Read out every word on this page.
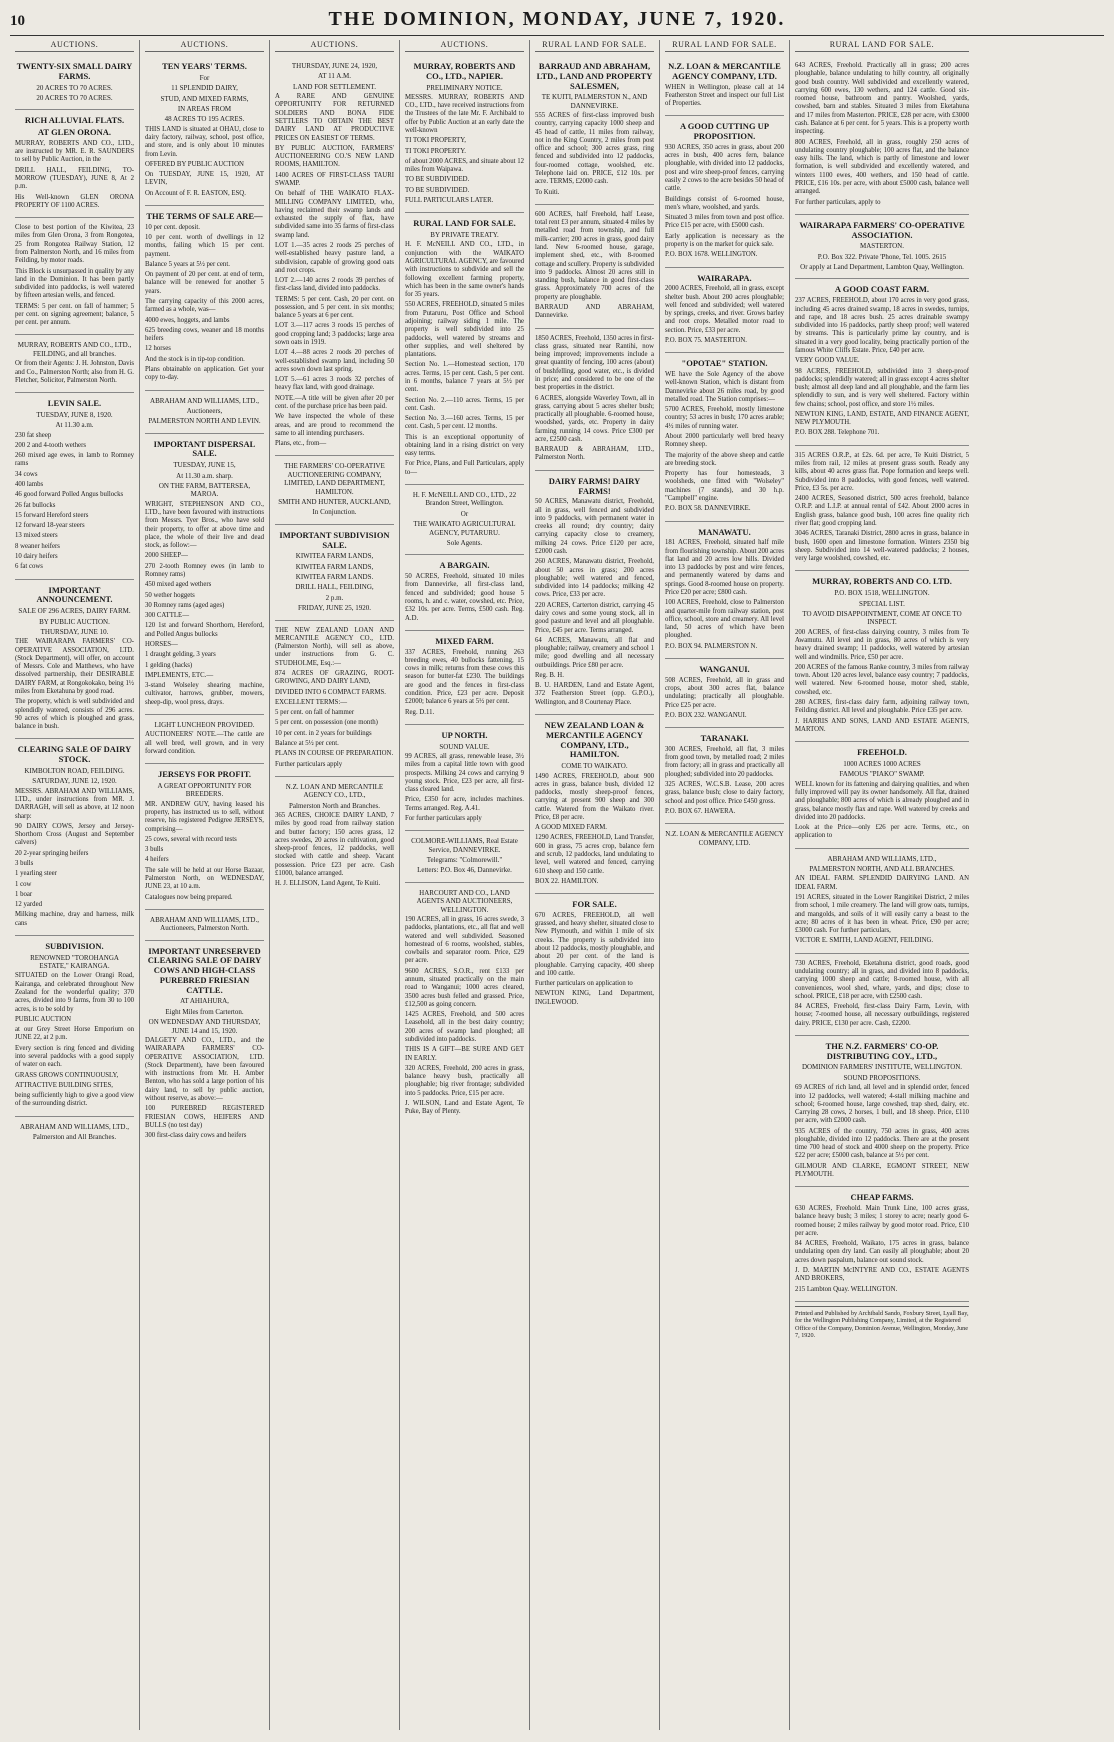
10	THE DOMINION, MONDAY, JUNE 7, 1920.
AUCTIONS.
TWENTY-SIX SMALL DAIRY FARMS.
20 ACRES TO 70 ACRES.
20 ACRES TO 70 ACRES.
RICH ALLUVIAL FLATS.
AT GLEN ORONA.

MURRAY, ROBERTS AND CO., LTD., are instructed by MR. E. R. SAUNDERS to sell by Public Auction, in the

DRILL HALL, FEILDING, TO-MORROW (TUESDAY), JUNE 8, At 2 p.m.

His Well-known GLEN ORONA PROPERTY OF 1100 ACRES.

Close to best portion of the Kiwitea, 23 miles from Glen Orona, 3 from Rongotea, 25 from Rongotea Railway Station, 12 from Palmerston North, and 16 miles from Feilding, by motor roads.

This Block is unsurpassed in quality by any land in the Dominion. It has been partly subdivided into paddocks, is well watered by fifteen artesian wells, and fenced.

TERMS: 5 per cent. on fall of hammer; 5 per cent. on signing agreement; balance, 5 per cent. per annum.

MURRAY, ROBERTS AND CO., LTD., FEILDING, and all branches.

Or from their Agents: J. H. Johnston, Davis and Co., Palmerston North; also from H. G. Fletcher, Solicitor, Palmerston North.

LEVIN SALE.
TUESDAY, JUNE 8, 1920.
At 11.30 a.m.

230 fat sheep

200 2 and 4-tooth wethers

260 mixed age ewes, in lamb to Romney rams

34 cows

400 lambs

46 good forward Polled Angus bullocks

26 fat bullocks

15 forward Hereford steers

12 forward 18-year steers

13 mixed steers

8 weaner heifers

10 dairy heifers

6 fat cows

IMPORTANT ANNOUNCEMENT.
SALE OF 296 ACRES, DAIRY FARM.
BY PUBLIC AUCTION.
THURSDAY, JUNE 10.

THE WAIRARAPA FARMERS' CO-OPERATIVE ASSOCIATION, LTD. (Stock Department), will offer, on account of Messrs. Cole and Matthews, who have dissolved partnership, their DESIRABLE DAIRY FARM, at Rongokokako, being 1½ miles from Eketahuna by good road.

The property, which is well subdivided and splendidly watered, consists of 296 acres. 90 acres of which is ploughed and grass, balance in bush.

CLEARING SALE OF DAIRY STOCK.
KIMBOLTON ROAD, FEILDING.
SATURDAY, JUNE 12, 1920.

MESSRS. ABRAHAM AND WILLIAMS, LTD., under instructions from MR. J. DARRAGH, will sell as above, at 12 noon sharp:

90 DAIRY COWS, Jersey and Jersey-Shorthorn Cross (August and September calvers)

20 2-year springing heifers

3 bulls

1 yearling steer

1 cow

1 boar

12 yarded

Milking machine, dray and harness, milk cans

SUBDIVISION.
RENOWNED "TOROHANGA ESTATE," KAIRANGA.

SITUATED on the Lower Orangi Road, Kairanga, and celebrated throughout New Zealand for the wonderful quality; 370 acres, divided into 9 farms, from 30 to 100 acres, is to be sold by

PUBLIC AUCTION

at our Grey Street Horse Emporium on JUNE 22, at 2 p.m.

Every section is ring fenced and dividing into several paddocks with a good supply of water on each.

GRASS GROWS CONTINUOUSLY,

ATTRACTIVE BUILDING SITES,

being sufficiently high to give a good view of the surrounding district.

ABRAHAM AND WILLIAMS, LTD.,
Palmerston and All Branches.
AUCTIONS.
TEN YEARS' TERMS.
For
11 SPLENDID DAIRY,
STUD, AND MIXED FARMS,
IN AREAS FROM
48 ACRES TO 195 ACRES.

THIS LAND is situated at OHAU, close to dairy factory, railway, school, post office, and store, and is only about 10 minutes from Levin.

OFFERED BY PUBLIC AUCTION

On TUESDAY, JUNE 15, 1920, AT LEVIN,

On Account of F. R. EASTON, ESQ.

THE TERMS OF SALE ARE—

10 per cent. deposit.

10 per cent. worth of dwellings in 12 months, failing which 15 per cent. payment.

Balance 5 years at 5½ per cent.

On payment of 20 per cent. at end of term, balance will be renewed for another 5 years.

The carrying capacity of this 2000 acres, farmed as a whole, was—

4000 ewes, hoggets, and lambs

625 breeding cows, weaner and 18 months heifers

12 horses

And the stock is in tip-top condition.

Plans obtainable on application. Get your copy to-day.

ABRAHAM AND WILLIAMS, LTD.,
Auctioneers,
PALMERSTON NORTH AND LEVIN.
IMPORTANT DISPERSAL SALE.
TUESDAY, JUNE 15,
At 11.30 a.m. sharp.
ON THE FARM, BATTERSEA, MAROA.

WRIGHT, STEPHENSON AND CO., LTD., have been favoured with instructions from Messrs. Tyer Bros., who have sold their property, to offer at above time and place, the whole of their live and dead stock, as follow:—

2000 SHEEP—

270 2-tooth Romney ewes (in lamb to Romney rams)

450 mixed aged wethers

50 wether hoggets

30 Romney rams (aged ages)

300 CATTLE—

120 1st and forward Shorthorn, Hereford, and Polled Angus bullocks

HORSES—

1 draught gelding, 3 years

1 gelding (hacks)

IMPLEMENTS, ETC.—

3-stand Wolseley shearing machine, cultivator, harrows, grubber, mowers, sheep-dip, wool press, drays.

LIGHT LUNCHEON PROVIDED.

AUCTIONEERS' NOTE.—The cattle are all well bred, well grown, and in very forward condition.

JERSEYS FOR PROFIT.
A GREAT OPPORTUNITY FOR BREEDERS.

MR. ANDREW GUY, having leased his property, has instructed us to sell, without reserve, his registered Pedigree JERSEYS, comprising—

25 cows, several with record tests

3 bulls

4 heifers

The sale will be held at our Horse Bazaar, Palmerston North, on WEDNESDAY, JUNE 23, at 10 a.m.

Catalogues now being prepared.

ABRAHAM AND WILLIAMS, LTD., Auctioneers, Palmerston North.
IMPORTANT UNRESERVED CLEARING SALE OF DAIRY COWS AND HIGH-CLASS PUREBRED FRIESIAN CATTLE.
AT AHIAHURA,
Eight Miles from Carterton.
ON WEDNESDAY AND THURSDAY, JUNE 14 and 15, 1920.

DALGETY AND CO., LTD., and the WAIRARAPA FARMERS' CO-OPERATIVE ASSOCIATION, LTD. (Stock Department), have been favoured with instructions from Mr. H. Amber Benton, who has sold a large portion of his dairy land, to sell by public auction, without reserve, as above:—

100 PUREBRED REGISTERED FRIESIAN COWS, HEIFERS AND BULLS (no test day)

300 first-class dairy cows and heifers

AUCTIONS.
THURSDAY, JUNE 24, 1920,
AT 11 A.M.
LAND FOR SETTLEMENT.

A RARE AND GENUINE OPPORTUNITY FOR RETURNED SOLDIERS AND BONA FIDE SETTLERS TO OBTAIN THE BEST DAIRY LAND AT PRODUCTIVE PRICES ON EASIEST OF TERMS.

BY PUBLIC AUCTION, FARMERS' AUCTIONEERING CO.'S NEW LAND ROOMS, HAMILTON.

1400 ACRES OF FIRST-CLASS TAURI SWAMP.

On behalf of THE WAIKATO FLAX-MILLING COMPANY LIMITED, who, having reclaimed their swamp lands and exhausted the supply of flax, have subdivided same into 35 farms of first-class swamp land.

LOT 1.—35 acres 2 roods 25 perches of well-established heavy pasture land, a subdivision, capable of growing good oats and root crops.

LOT 2.—140 acres 2 roods 39 perches of first-class land, divided into paddocks.

TERMS: 5 per cent. Cash, 20 per cent. on possession, and 5 per cent. in six months; balance 5 years at 6 per cent.

LOT 3.—117 acres 3 roods 15 perches of good cropping land; 3 paddocks; large area sown oats in 1919.

LOT 4.—88 acres 2 roods 20 perches of well-established swamp land, including 50 acres sown down last spring.

LOT 5.—61 acres 3 roods 32 perches of heavy flax land, with good drainage.

NOTE.—A title will be given after 20 per cent. of the purchase price has been paid.

We have inspected the whole of these areas, and are proud to recommend the same to all intending purchasers.

Plans, etc., from—

THE FARMERS' CO-OPERATIVE AUCTIONEERING COMPANY, LIMITED, LAND DEPARTMENT, HAMILTON.
SMITH AND HUNTER, AUCKLAND,
In Conjunction.
IMPORTANT SUBDIVISION SALE.
KIWITEA FARM LANDS,
KIWITEA FARM LANDS,
KIWITEA FARM LANDS.
DRILL HALL, FEILDING,
2 p.m.
FRIDAY, JUNE 25, 1920.

THE NEW ZEALAND LOAN AND MERCANTILE AGENCY CO., LTD. (Palmerston North), will sell as above, under instructions from G. C. STUDHOLME, Esq.:—

874 ACRES OF GRAZING, ROOT-GROWING, AND DAIRY LAND,

DIVIDED INTO 6 COMPACT FARMS.

EXCELLENT TERMS:—

5 per cent. on fall of hammer

5 per cent. on possession (one month)

10 per cent. in 2 years for buildings

Balance at 5½ per cent.

PLANS IN COURSE OF PREPARATION.

Further particulars apply

N.Z. LOAN AND MERCANTILE AGENCY CO., LTD.,
Palmerston North and Branches.

365 ACRES, CHOICE DAIRY LAND, 7 miles by good road from railway station and butter factory; 150 acres grass, 12 acres swedes, 20 acres in cultivation, good sheep-proof fences, 12 paddocks, well stocked with cattle and sheep. Vacant possession. Price £23 per acre. Cash £1000, balance arranged.

H. J. ELLISON, Land Agent, Te Kuiti.

AUCTIONS.
MURRAY, ROBERTS AND CO., LTD., NAPIER.
PRELIMINARY NOTICE.

MESSRS. MURRAY, ROBERTS AND CO., LTD., have received instructions from the Trustees of the late Mr. F. Archibald to offer by Public Auction at an early date the well-known

TI TOKI PROPERTY,

TI TOKI PROPERTY.

of about 2000 ACRES, and situate about 12 miles from Waipawa.

TO BE SUBDIVIDED.

TO BE SUBDIVIDED.

FULL PARTICULARS LATER.

RURAL LAND FOR SALE.
BY PRIVATE TREATY.

H. F. McNEILL AND CO., LTD., in conjunction with the WAIKATO AGRICULTURAL AGENCY, are favoured with instructions to subdivide and sell the following excellent farming property, which has been in the same owner's hands for 35 years.

550 ACRES, FREEHOLD, situated 5 miles from Putaruru, Post Office and School adjoining; railway siding 1 mile. The property is well subdivided into 25 paddocks, well watered by streams and other supplies, and well sheltered by plantations.

Section No. 1.—Homestead section, 170 acres. Terms, 15 per cent. Cash, 5 per cent. in 6 months, balance 7 years at 5½ per cent.

Section No. 2.—110 acres. Terms, 15 per cent. Cash.

Section No. 3.—160 acres. Terms, 15 per cent. Cash, 5 per cent. 12 months.

This is an exceptional opportunity of obtaining land in a rising district on very easy terms.

For Price, Plans, and Full Particulars, apply to—

H. F. McNEILL AND CO., LTD., 22 Brandon Street, Wellington.
Or
THE WAIKATO AGRICULTURAL AGENCY, PUTARURU.
Sole Agents.
A BARGAIN.

50 ACRES, Freehold, situated 10 miles from Dannevirke, all first-class land, fenced and subdivided; good house 5 rooms, h. and c. water, cowshed, etc. Price, £32 10s. per acre. Terms, £500 cash. Reg. A.D.

MIXED FARM.

337 ACRES, Freehold, running 263 breeding ewes, 40 bullocks fattening, 15 cows in milk; returns from these cows this season for butter-fat £230. The buildings are good and the fences in first-class condition. Price, £23 per acre. Deposit £2000; balance 6 years at 5½ per cent.

Reg. D.11.

UP NORTH.
SOUND VALUE.

99 ACRES, all grass, renewable lease, 3½ miles from a capital little town with good prospects. Milking 24 cows and carrying 9 young stock. Price, £23 per acre, all first-class cleared land.

Price, £350 for acre, includes machines. Terms arranged. Reg. A.41.

For further particulars apply

COLMORE-WILLIAMS, Real Estate Service, DANNEVIRKE.
Telegrams: "Colmorewill."
Letters: P.O. Box 46, Dannevirke.
HARCOURT AND CO., LAND AGENTS AND AUCTIONEERS, WELLINGTON.

190 ACRES, all in grass, 16 acres swede, 3 paddocks, plantations, etc., all flat and well watered and well subdivided. Seasoned homestead of 6 rooms, woolshed, stables, cowbails and separator room. Price, £29 per acre.

9600 ACRES, S.O.R., rent £133 per annum, situated practically on the main road to Wanganui; 1000 acres cleared, 3500 acres bush felled and grassed. Price, £12,500 as going concern.

1425 ACRES, Freehold, and 500 acres Leasehold, all in the best dairy country; 200 acres of swamp land ploughed; all subdivided into paddocks.

THIS IS A GIFT—BE SURE AND GET IN EARLY.

320 ACRES, Freehold, 200 acres in grass, balance heavy bush, practically all ploughable; big river frontage; subdivided into 5 paddocks. Price, £15 per acre.

J. WILSON, Land and Estate Agent, Te Puke, Bay of Plenty.

RURAL LAND FOR SALE.
BARRAUD AND ABRAHAM, LTD., LAND AND PROPERTY SALESMEN,
TE KUITI, PALMERSTON N., AND DANNEVIRKE.

555 ACRES of first-class improved bush country, carrying capacity 1000 sheep and 45 head of cattle, 11 miles from railway, not in the King Country, 2 miles from post office and school; 300 acres grass, ring fenced and subdivided into 12 paddocks, four-roomed cottage, woolshed, etc. Telephone laid on. PRICE, £12 10s. per acre. TERMS, £2000 cash.

To Kuiti.

600 ACRES, half Freehold, half Lease, total rent £3 per annum, situated 4 miles by metalled road from township, and full milk-carrier; 200 acres in grass, good dairy land. New 6-roomed house, garage, implement shed, etc., with 8-roomed cottage and scullery. Property is subdivided into 9 paddocks. Almost 20 acres still in standing bush, balance in good first-class grass. Approximately 700 acres of the property are ploughable.

BARRAUD AND ABRAHAM, Dannevirke.

1850 ACRES, Freehold, 1350 acres in first-class grass, situated near Rantihi, now being improved; improvements include a great quantity of fencing, 100 acres (about) of bushfelling, good water, etc., is divided in price; and considered to be one of the best properties in the district.

6 ACRES, alongside Waverley Town, all in grass, carrying about 5 acres shelter bush; practically all ploughable. 6-roomed house, woodshed, yards, etc. Property in dairy farming running 14 cows. Price £300 per acre, £2500 cash.

BARRAUD & ABRAHAM, LTD., Palmerston North.

DAIRY FARMS! DAIRY FARMS!

50 ACRES, Manawatu district, Freehold, all in grass, well fenced and subdivided into 9 paddocks, with permanent water in creeks all round; dry country; dairy carrying capacity close to creamery, milking 24 cows. Price £120 per acre, £2000 cash.

260 ACRES, Manawatu district, Freehold, about 50 acres in grass; 200 acres ploughable; well watered and fenced, subdivided into 14 paddocks; milking 42 cows. Price, £33 per acre.

220 ACRES, Carterton district, carrying 45 dairy cows and some young stock, all in good pasture and level and all ploughable. Price, £45 per acre. Terms arranged.

64 ACRES, Manawatu, all flat and ploughable; railway, creamery and school 1 mile; good dwelling and all necessary outbuildings. Price £80 per acre.

Reg. B. H.

B. U. HARDEN, Land and Estate Agent, 372 Featherston Street (opp. G.P.O.), Wellington, and 8 Courtenay Place.

NEW ZEALAND LOAN & MERCANTILE AGENCY COMPANY, LTD., HAMILTON.
COME TO WAIKATO.

1490 ACRES, FREEHOLD, about 900 acres in grass, balance bush, divided 12 paddocks, mostly sheep-proof fences, carrying at present 900 sheep and 300 cattle. Watered from the Waikato river. Price, £8 per acre.

A GOOD MIXED FARM.

1290 ACRES, FREEHOLD, Land Transfer, 600 in grass, 75 acres crop, balance fern and scrub, 12 paddocks, land undulating to level, well watered and fenced, carrying 610 sheep and 150 cattle.

BOX 22. HAMILTON.

FOR SALE.

670 ACRES, FREEHOLD, all well grassed, and heavy shelter, situated close to New Plymouth, and within 1 mile of six creeks. The property is subdivided into about 12 paddocks, mostly ploughable, and about 20 per cent. of the land is ploughable. Carrying capacity, 400 sheep and 100 cattle.

Further particulars on application to

NEWTON KING, Land Department, INGLEWOOD.

RURAL LAND FOR SALE.
N.Z. LOAN & MERCANTILE AGENCY COMPANY, LTD.

WHEN in Wellington, please call at 14 Featherston Street and inspect our full List of Properties.

A GOOD CUTTING UP PROPOSITION.

930 ACRES, 350 acres in grass, about 200 acres in bush, 400 acres fern, balance ploughable, with divided into 12 paddocks, post and wire sheep-proof fences, carrying easily 2 cows to the acre besides 50 head of cattle.

Buildings consist of 6-roomed house, men's whare, woolshed, and yards.

Situated 3 miles from town and post office. Price £15 per acre, with £5000 cash.

Early application is necessary as the property is on the market for quick sale.

P.O. BOX 1678. WELLINGTON.

WAIRARAPA.

2000 ACRES, Freehold, all in grass, except shelter bush. About 200 acres ploughable; well fenced and subdivided; well watered by springs, creeks, and river. Grows barley and root crops. Metalled motor road to section. Price, £33 per acre.

P.O. BOX 75. MASTERTON.

"OPOTAE" STATION.

WE have the Sole Agency of the above well-known Station, which is distant from Dannevirke about 26 miles road, by good metalled road. The Station comprises:—

5700 ACRES, Freehold, mostly limestone country; 53 acres in bush; 170 acres arable; 4½ miles of running water.

About 2000 particularly well bred heavy Romney sheep.

The majority of the above sheep and cattle are breeding stock.

Property has four homesteads, 3 woolsheds, one fitted with "Wolseley" machines (7 stands), and 30 h.p. "Campbell" engine.

P.O. BOX 58. DANNEVIRKE.

MANAWATU.

181 ACRES, Freehold, situated half mile from flourishing township. About 200 acres flat land and 20 acres low hills. Divided into 13 paddocks by post and wire fences, and permanently watered by dams and springs. Good 8-roomed house on property. Price £20 per acre; £800 cash.

100 ACRES, Freehold, close to Palmerston and quarter-mile from railway station, post office, school, store and creamery. All level land, 50 acres of which have been ploughed.

P.O. BOX 94. PALMERSTON N.

WANGANUI.

508 ACRES, Freehold, all in grass and crops, about 300 acres flat, balance undulating; practically all ploughable. Price £25 per acre.

P.O. BOX 232. WANGANUI.

TARANAKI.

300 ACRES, Freehold, all flat, 3 miles from good town, by metalled road; 2 miles from factory; all in grass and practically all ploughed; subdivided into 20 paddocks.

325 ACRES, W.C.S.B. Lease, 200 acres grass, balance bush; close to dairy factory, school and post office. Price £450 gross.

P.O. BOX 67. HAWERA.

N.Z. LOAN & MERCANTILE AGENCY COMPANY, LTD.
RURAL LAND FOR SALE.

643 ACRES, Freehold. Practically all in grass; 200 acres ploughable, balance undulating to hilly country, all originally good bush country. Well subdivided and excellently watered, carrying 600 ewes, 130 wethers, and 124 cattle. Good six-roomed house, bathroom and pantry. Woolshed, yards, cowshed, barn and stables. Situated 3 miles from Eketahuna and 17 miles from Masterton. PRICE, £28 per acre, with £3000 cash. Balance at 6 per cent. for 5 years. This is a property worth inspecting.

800 ACRES, Freehold, all in grass, roughly 250 acres of undulating country ploughable; 100 acres flat, and the balance easy hills. The land, which is partly of limestone and lower formation, is well subdivided and excellently watered, and winters 1100 ewes, 400 wethers, and 150 head of cattle. PRICE, £16 10s. per acre, with about £5000 cash, balance well arranged.

For further particulars, apply to

WAIRARAPA FARMERS' CO-OPERATIVE ASSOCIATION.
MASTERTON.
P.O. Box 322. Private 'Phone, Tel. 1005. 2615
Or apply at Land Department, Lambton Quay, Wellington.
A GOOD COAST FARM.

237 ACRES, FREEHOLD, about 170 acres in very good grass, including 45 acres drained swamp, 18 acres in swedes, turnips, and rape, and 18 acres bush. 25 acres drainable swampy subdivided into 16 paddocks, partly sheep proof; well watered by streams. This is particularly prime lay country, and is situated in a very good locality, being practically portion of the famous White Cliffs Estate. Price, £40 per acre.

VERY GOOD VALUE.

98 ACRES, FREEHOLD, subdivided into 3 sheep-proof paddocks; splendidly watered; all in grass except 4 acres shelter bush; almost all deep land and all ploughable, and the farm lies splendidly to sun, and is very well sheltered. Factory within few chains; school, post office, and store 1½ miles.

NEWTON KING, LAND, ESTATE, AND FINANCE AGENT, NEW PLYMOUTH.

P.O. BOX 288. Telephone 701.

315 ACRES O.R.P., at £2s. 6d. per acre, Te Kuiti District, 5 miles from rail, 12 miles at present grass south. Ready any kills, about 40 acres grass flat. Pope formation and keeps well. Subdivided into 8 paddocks, with good fences, well watered. Price, £3 5s. per acre.

2400 ACRES, Seasoned district, 500 acres freehold, balance O.R.P. and L.I.P. at annual rental of £42. About 2000 acres in English grass, balance good bush, 100 acres fine quality rich river flat; good cropping land.

3046 ACRES, Taranaki District, 2800 acres in grass, balance in bush, 1600 open and limestone formation. Winters 2350 big sheep. Subdivided into 14 well-watered paddocks; 2 houses, very large woolshed, cowshed, etc.

MURRAY, ROBERTS AND CO. LTD.
P.O. BOX 1518, WELLINGTON.
SPECIAL LIST.
TO AVOID DISAPPOINTMENT, COME AT ONCE TO INSPECT.

200 ACRES, of first-class dairying country, 3 miles from Te Awamutu. All level and in grass, 80 acres of which is very heavy drained swamp; 11 paddocks, well watered by artesian well and windmills. Price, £50 per acre.

200 ACRES of the famous Ranke country, 3 miles from railway town. About 120 acres level, balance easy country; 7 paddocks, well watered. New 6-roomed house, motor shed, stable, cowshed, etc.

280 ACRES, first-class dairy farm, adjoining railway town, Feilding district. All level and ploughable. Price £35 per acre.

J. HARRIS AND SONS, LAND AND ESTATE AGENTS, MARTON.

FREEHOLD.
1000 ACRES 1000 ACRES
FAMOUS "PIAKO" SWAMP.

WELL known for its fattening and dairying qualities, and when fully improved will pay its owner handsomely. All flat, drained and ploughable; 800 acres of which is already ploughed and in grass, balance mostly flax and rape. Well watered by creeks and divided into 20 paddocks.

Look at the Price—only £26 per acre. Terms, etc., on application to

ABRAHAM AND WILLIAMS, LTD.,
PALMERSTON NORTH, AND ALL BRANCHES.

AN IDEAL FARM. SPLENDID DAIRYING LAND. AN IDEAL FARM.

191 ACRES, situated in the Lower Rangitikei District, 2 miles from school, 1 mile creamery. The land will grow oats, turnips, and mangolds, and soils of it will easily carry a beast to the acre; 80 acres of it has been in wheat. Price, £90 per acre; £3000 cash. For further particulars,

VICTOR E. SMITH, LAND AGENT, FEILDING.

730 ACRES, Freehold, Eketahuna district, good roads, good undulating country; all in grass, and divided into 8 paddocks, carrying 1000 sheep and cattle; 8-roomed house, with all conveniences, wool shed, whare, yards, and dips; close to school. PRICE, £18 per acre, with £2500 cash.

84 ACRES, Freehold, first-class Dairy Farm, Levin, with house; 7-roomed house, all necessary outbuildings, registered dairy. PRICE, £130 per acre. Cash, £2200.

THE N.Z. FARMERS' CO-OP. DISTRIBUTING COY., LTD.,
DOMINION FARMERS' INSTITUTE, WELLINGTON.
SOUND PROPOSITIONS.

69 ACRES of rich land, all level and in splendid order, fenced into 12 paddocks, well watered; 4-stall milking machine and school; 6-roomed house, large cowshed, trap shed, dairy, etc. Carrying 28 cows, 2 horses, 1 bull, and 18 sheep. Price, £110 per acre, with £2000 cash.

935 ACRES of the country, 750 acres in grass, 400 acres ploughable, divided into 12 paddocks. There are at the present time 700 head of stock and 4000 sheep on the property. Price £22 per acre; £5000 cash, balance at 5½ per cent.

GILMOUR AND CLARKE, EGMONT STREET, NEW PLYMOUTH.

CHEAP FARMS.

630 ACRES, Freehold. Main Trunk Line, 100 acres grass, balance heavy bush; 3 miles; 1 storey to acre; nearly good 6-roomed house; 2 miles railway by good motor road. Price, £10 per acre.

84 ACRES, Freehold, Waikato, 175 acres in grass, balance undulating open dry land. Can easily all ploughable; about 20 acres down paspalum, balance out sound stock.

J. D. MARTIN McINTYRE AND CO., ESTATE AGENTS AND BROKERS,

215 Lambton Quay. WELLINGTON.

Printed and Published by Archibald Sando, Foxbury Street, Lyall Bay, for the Wellington Publishing Company, Limited, at the Registered Office of the Company, Dominion Avenue, Wellington, Monday, June 7, 1920.
